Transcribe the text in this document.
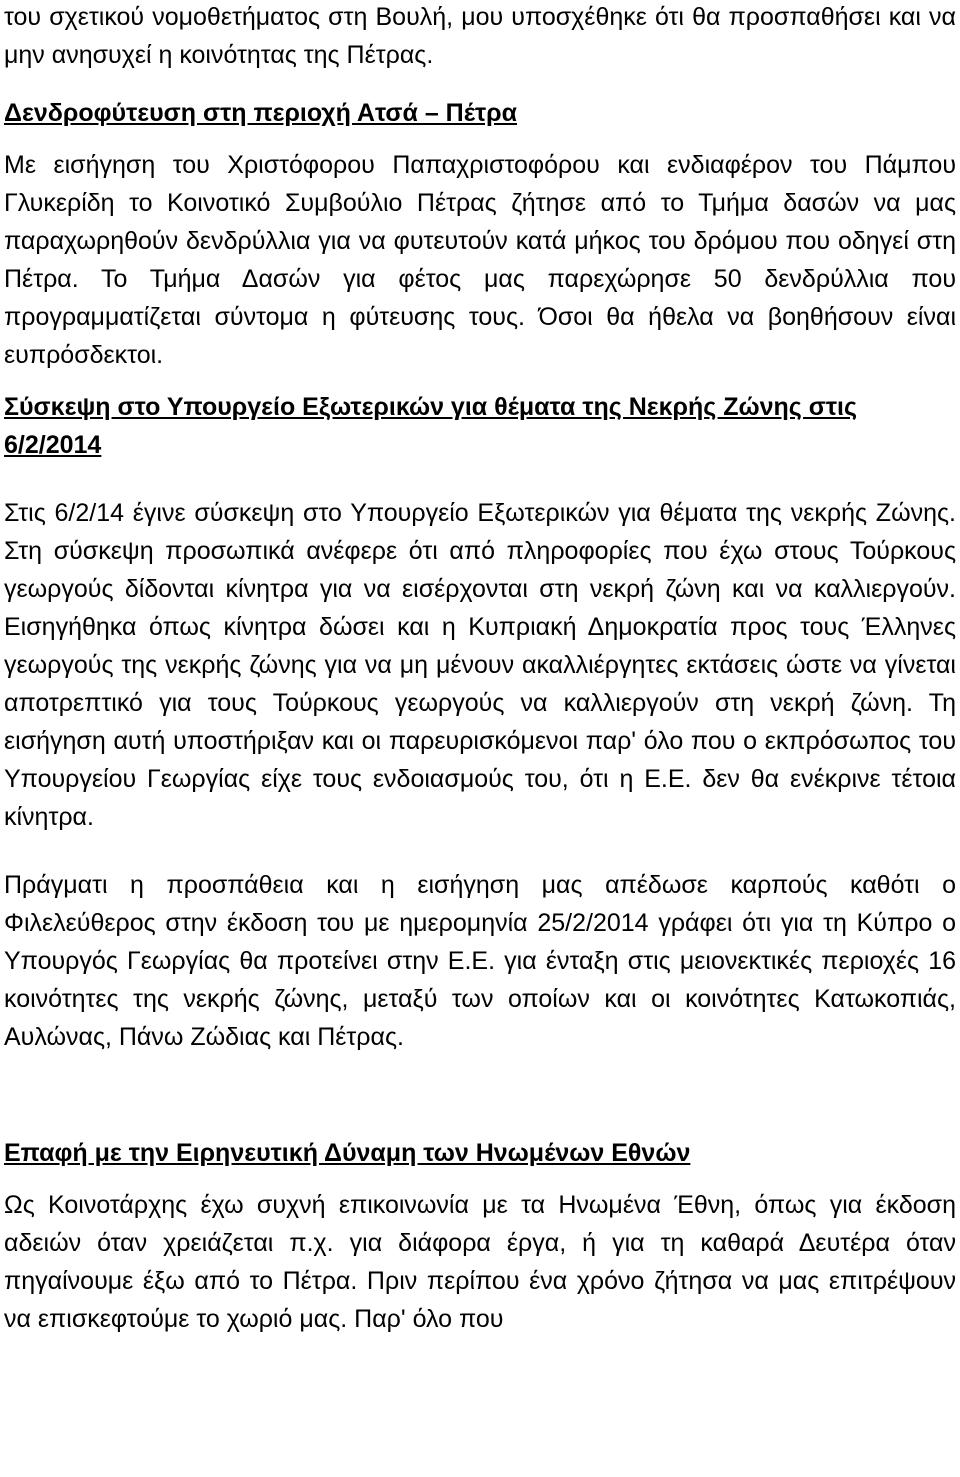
του σχετικού νομοθετήματος στη Βουλή, μου υποσχέθηκε ότι θα προσπαθήσει και να μην ανησυχεί η κοινότητας της Πέτρας.

Δενδροφύτευση στη περιοχή Ατσά – Πέτρα

Με εισήγηση του Χριστόφορου Παπαχριστοφόρου και ενδιαφέρον του Πάμπου Γλυκερίδη το Κοινοτικό Συμβούλιο Πέτρας ζήτησε από το Τμήμα δασών να μας παραχωρηθούν δενδρύλλια για να φυτευτούν κατά μήκος του δρόμου που οδηγεί στη Πέτρα. Το Τμήμα Δασών για φέτος μας παρεχώρησε 50 δενδρύλλια που προγραμματίζεται σύντομα η φύτευσης τους. Όσοι θα ήθελα να βοηθήσουν είναι ευπρόσδεκτοι.

Σύσκεψη στο Υπουργείο Εξωτερικών για θέματα της Νεκρής Ζώνης στις 6/2/2014

Στις 6/2/14 έγινε σύσκεψη στο Υπουργείο Εξωτερικών για θέματα της νεκρής Ζώνης. Στη σύσκεψη προσωπικά ανέφερε ότι από πληροφορίες που έχω στους Τούρκους γεωργούς δίδονται κίνητρα για να εισέρχονται στη νεκρή ζώνη και να καλλιεργούν. Εισηγήθηκα όπως κίνητρα δώσει και η Κυπριακή Δημοκρατία προς τους Έλληνες γεωργούς της νεκρής ζώνης για να μη μένουν ακαλλιέργητες εκτάσεις ώστε να γίνεται αποτρεπτικό για τους Τούρκους γεωργούς να καλλιεργούν στη νεκρή ζώνη. Τη εισήγηση αυτή υποστήριξαν και οι παρευρισκόμενοι παρ' όλο που ο εκπρόσωπος του Υπουργείου Γεωργίας είχε τους ενδοιασμούς του, ότι η Ε.Ε. δεν θα ενέκρινε τέτοια κίνητρα.

Πράγματι η προσπάθεια και η εισήγηση μας απέδωσε καρπούς καθότι ο Φιλελεύθερος στην έκδοση του με ημερομηνία 25/2/2014 γράφει ότι για τη Κύπρο ο Υπουργός Γεωργίας θα προτείνει στην Ε.Ε. για ένταξη στις μειονεκτικές περιοχές 16 κοινότητες της νεκρής ζώνης, μεταξύ των οποίων και οι κοινότητες Κατωκοπιάς, Αυλώνας, Πάνω Ζώδιας και Πέτρας.

Επαφή με την Ειρηνευτική Δύναμη των Ηνωμένων Εθνών

Ως Κοινοτάρχης έχω συχνή επικοινωνία με τα Ηνωμένα Έθνη, όπως για έκδοση αδειών όταν χρειάζεται π.χ. για διάφορα έργα, ή για τη καθαρά Δευτέρα όταν πηγαίνουμε έξω από το Πέτρα. Πριν περίπου ένα χρόνο ζήτησα να μας επιτρέψουν να επισκεφτούμε το χωριό μας. Παρ' όλο που
